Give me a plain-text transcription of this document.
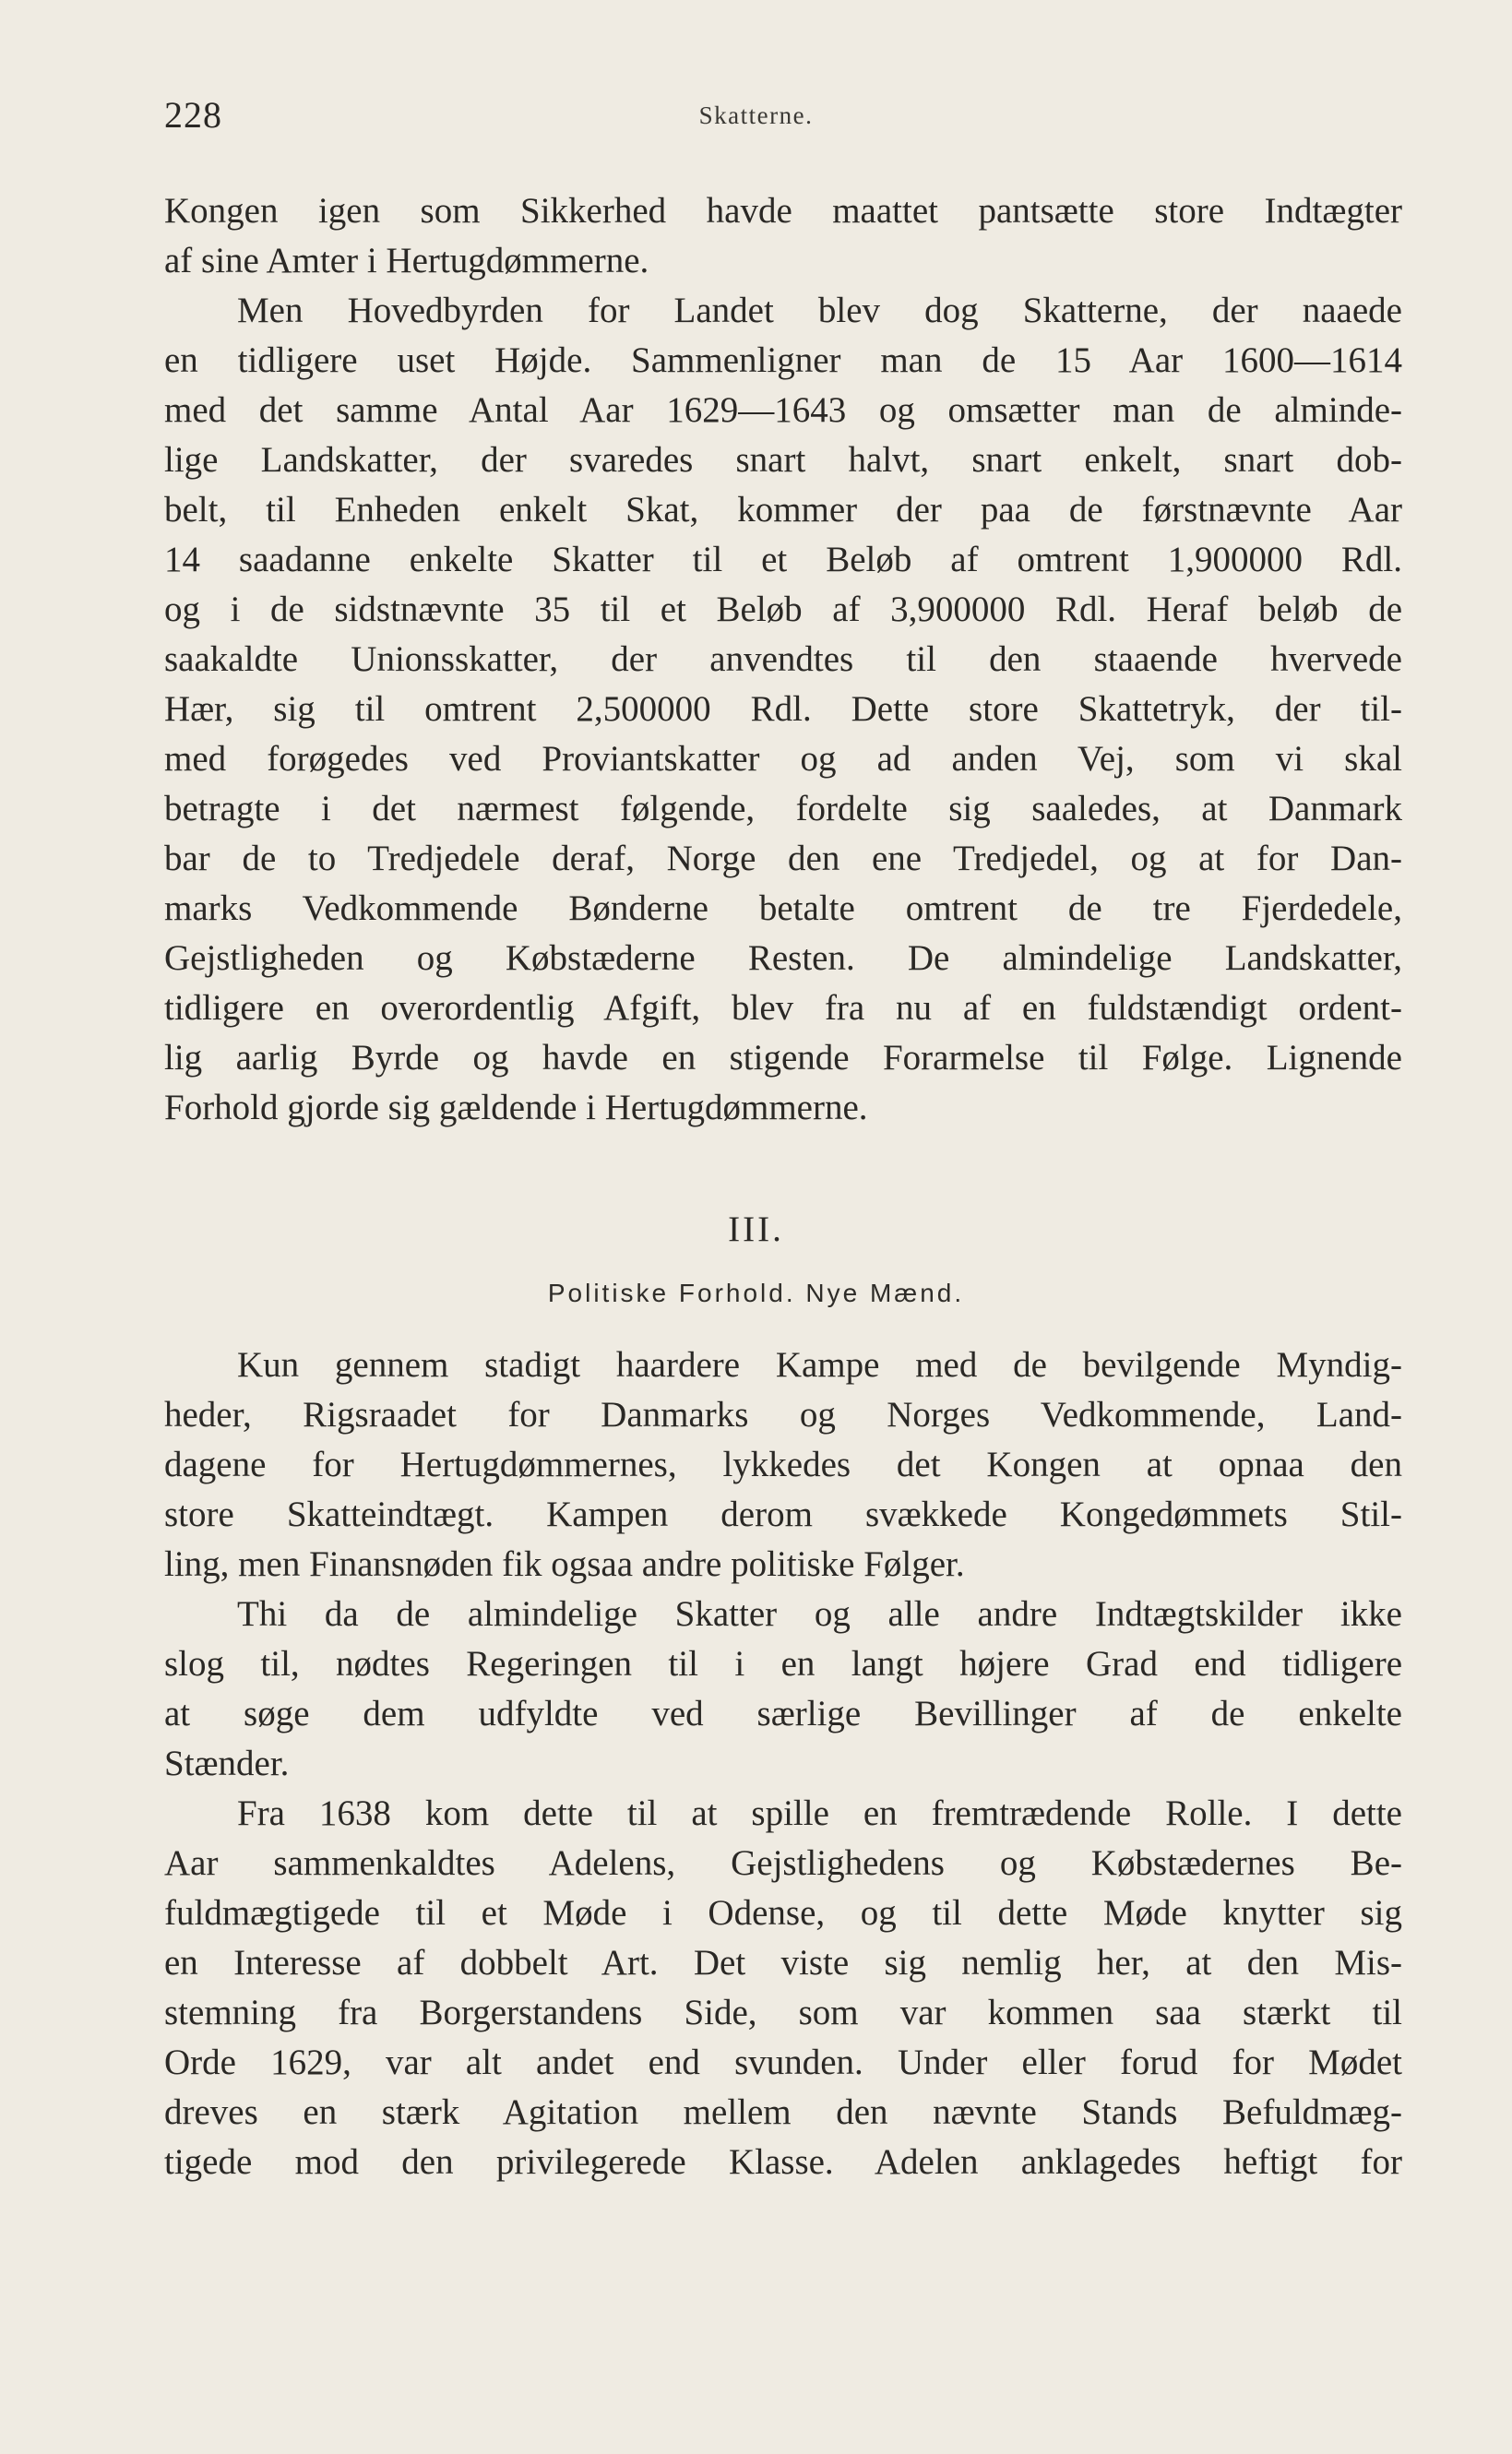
228	Skatterne.
Kongen igen som Sikkerhed havde maattet pantsætte store Indtægter
af sine Amter i Hertugdømmerne.
Men Hovedbyrden for Landet blev dog Skatterne, der naaede
en tidligere uset Højde. Sammenligner man de 15 Aar 1600—1614
med det samme Antal Aar 1629—1643 og omsætter man de alminde-
lige Landskatter, der svaredes snart halvt, snart enkelt, snart dob-
belt, til Enheden enkelt Skat, kommer der paa de førstnævnte Aar
14 saadanne enkelte Skatter til et Beløb af omtrent 1,900000 Rdl.
og i de sidstnævnte 35 til et Beløb af 3,900000 Rdl. Heraf beløb de
saakaldte Unionsskatter, der anvendtes til den staaende hvervede
Hær, sig til omtrent 2,500000 Rdl. Dette store Skattetryk, der til-
med forøgedes ved Proviantskatter og ad anden Vej, som vi skal
betragte i det nærmest følgende, fordelte sig saaledes, at Danmark
bar de to Tredjedele deraf, Norge den ene Tredjedel, og at for Dan-
marks Vedkommende Bønderne betalte omtrent de tre Fjerdedele,
Gejstligheden og Købstæderne Resten. De almindelige Landskatter,
tidligere en overordentlig Afgift, blev fra nu af en fuldstændigt ordent-
lig aarlig Byrde og havde en stigende Forarmelse til Følge. Lignende
Forhold gjorde sig gældende i Hertugdømmerne.
III.
Politiske Forhold. Nye Mænd.
Kun gennem stadigt haardere Kampe med de bevilgende Myndig-
heder, Rigsraadet for Danmarks og Norges Vedkommende, Land-
dagene for Hertugdømmernes, lykkedes det Kongen at opnaa den
store Skatteindtægt. Kampen derom svækkede Kongedømmets Stil-
ling, men Finansnøden fik ogsaa andre politiske Følger.
Thi da de almindelige Skatter og alle andre Indtægtskilder ikke
slog til, nødtes Regeringen til i en langt højere Grad end tidligere
at søge dem udfyldte ved særlige Bevillinger af de enkelte
Stænder.
Fra 1638 kom dette til at spille en fremtrædende Rolle. I dette
Aar sammenkaldtes Adelens, Gejstlighedens og Købstædernes Be-
fuldmægtigede til et Møde i Odense, og til dette Møde knytter sig
en Interesse af dobbelt Art. Det viste sig nemlig her, at den Mis-
stemning fra Borgerstandens Side, som var kommen saa stærkt til
Orde 1629, var alt andet end svunden. Under eller forud for Mødet
dreves en stærk Agitation mellem den nævnte Stands Befuldmæg-
tigede mod den privilegerede Klasse. Adelen anklagedes heftigt for
